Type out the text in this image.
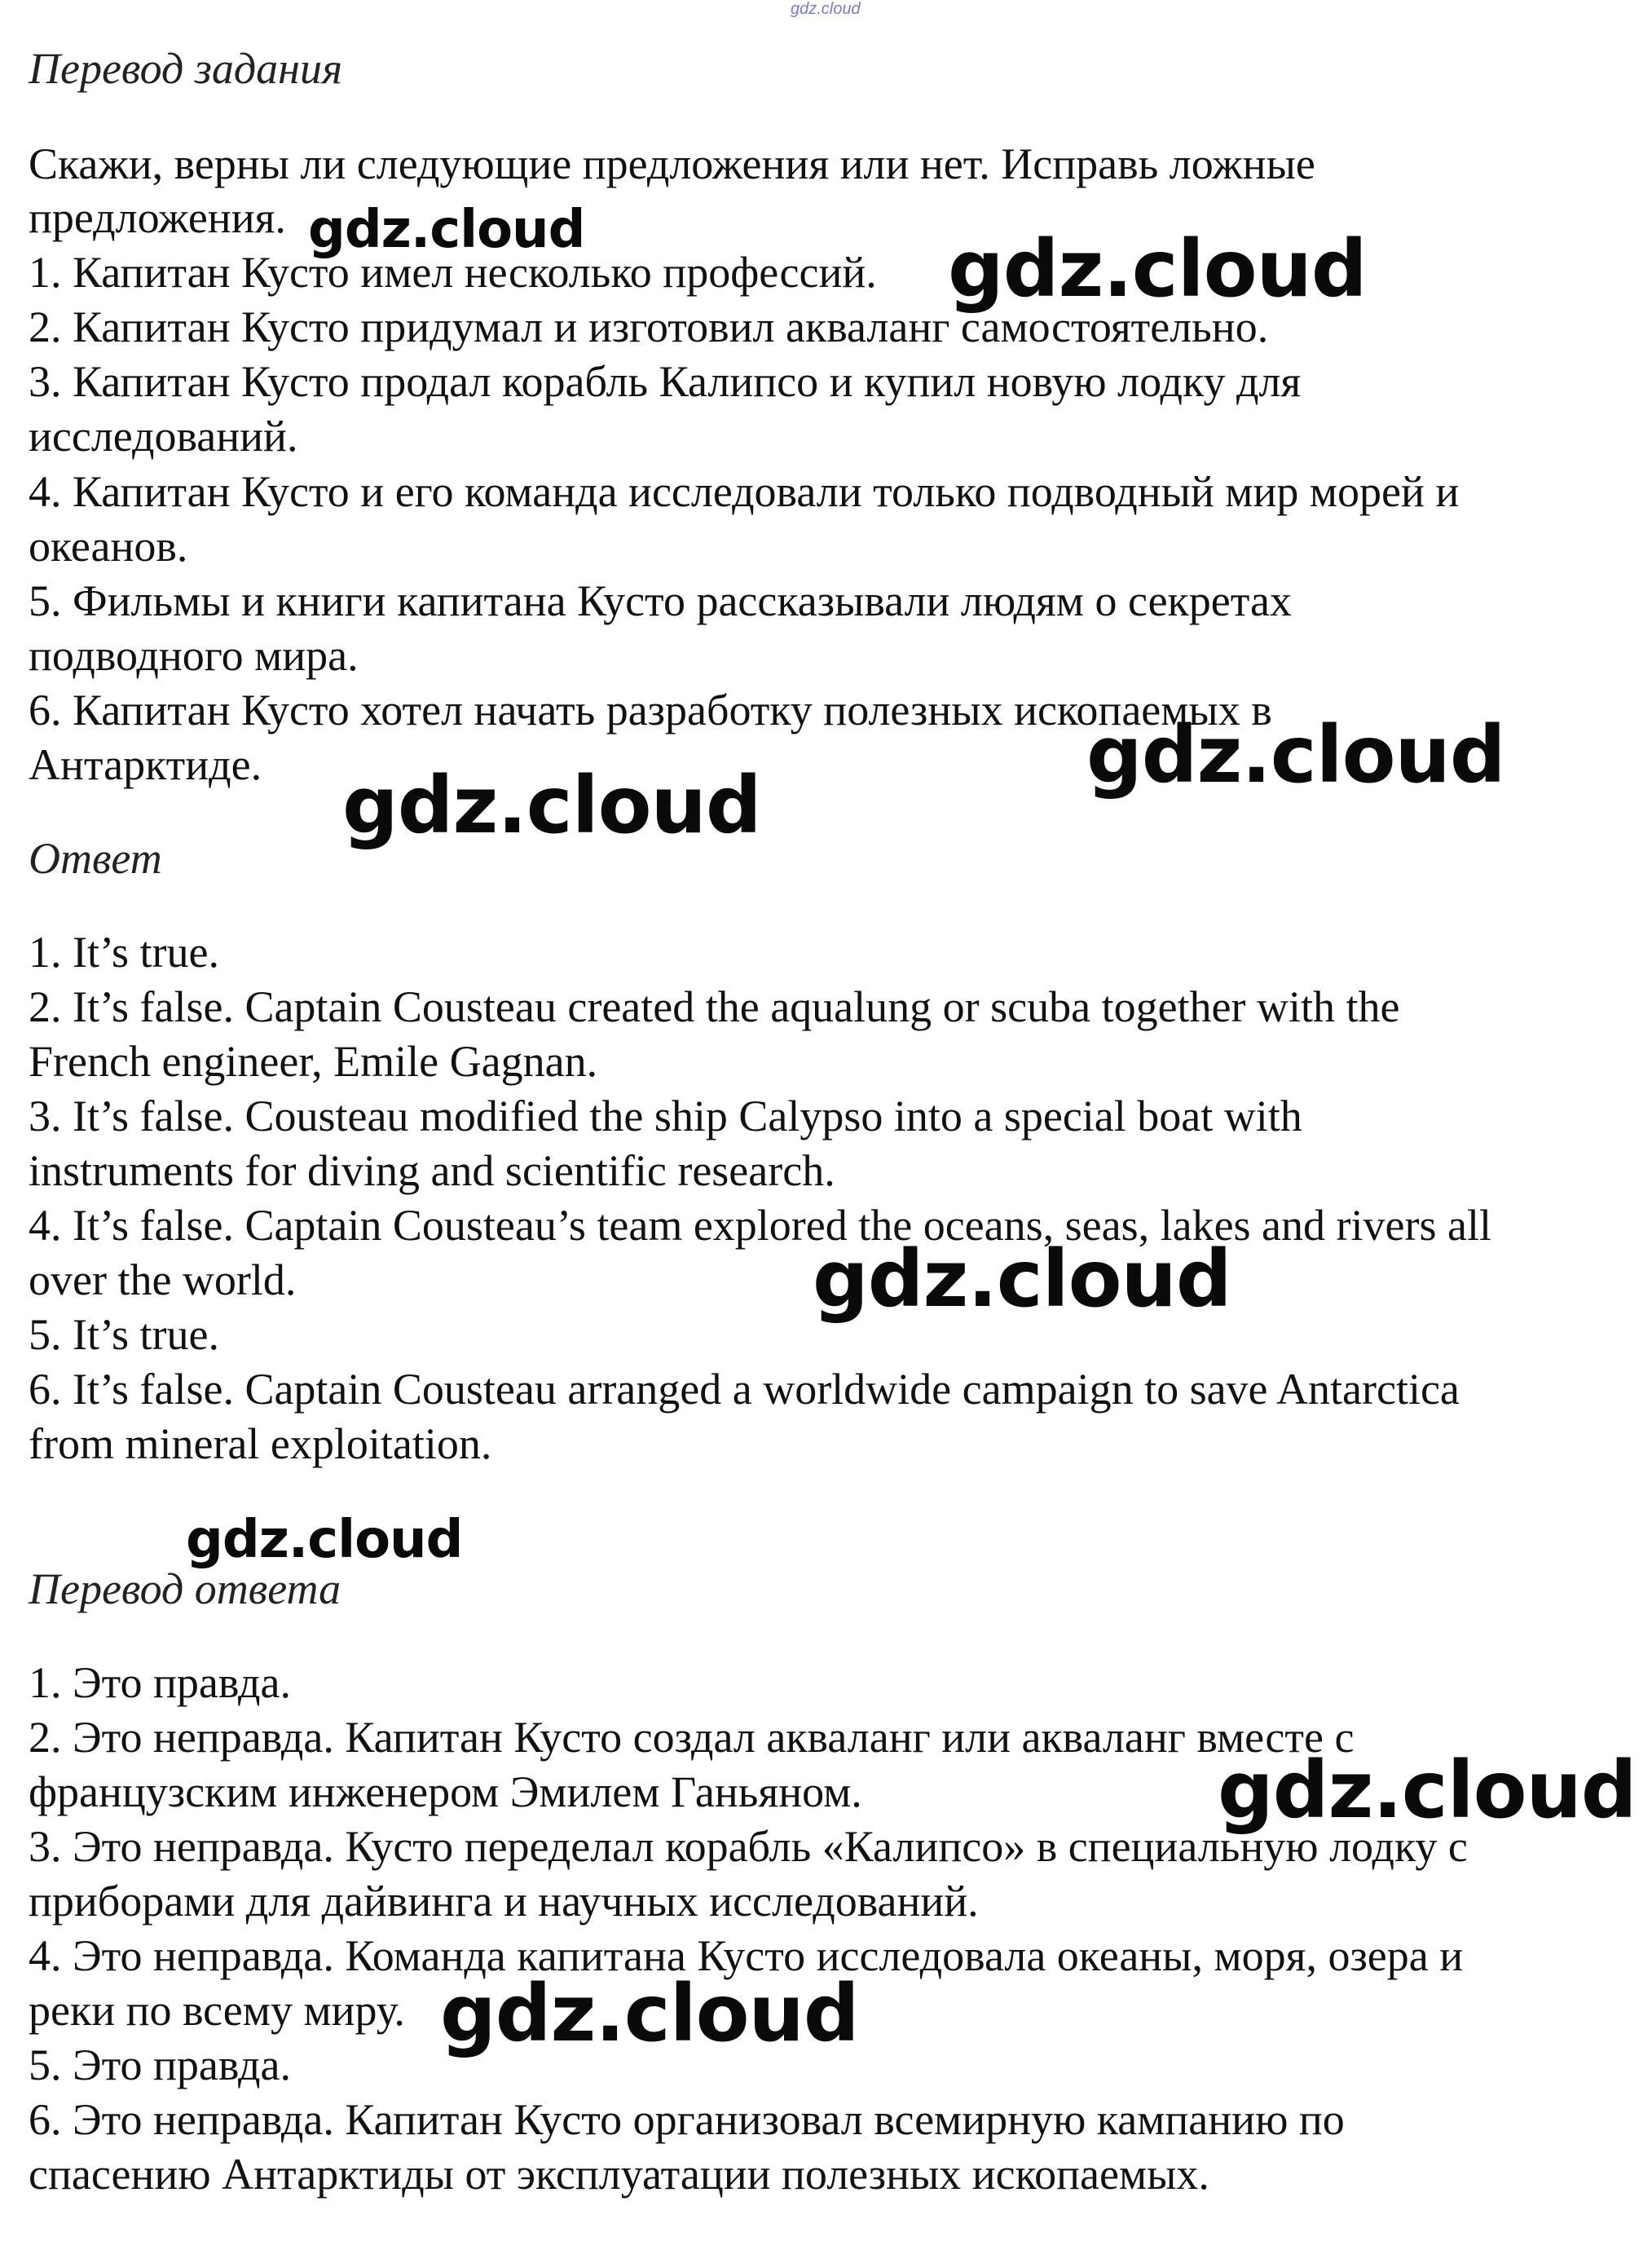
gdz.cloud
Перевод задания
Скажи, верны ли следующие предложения или нет. Исправь ложные
предложения.
1. Капитан Кусто имел несколько профессий.
2. Капитан Кусто придумал и изготовил акваланг самостоятельно.
3. Капитан Кусто продал корабль Калипсо и купил новую лодку для
исследований.
4. Капитан Кусто и его команда исследовали только подводный мир морей и
океанов.
5. Фильмы и книги капитана Кусто рассказывали людям о секретах
подводного мира.
6. Капитан Кусто хотел начать разработку полезных ископаемых в
Антарктиде.
Ответ
1. It’s true.
2. It’s false. Captain Cousteau created the aqualung or scuba together with the
French engineer, Emile Gagnan.
3. It’s false. Cousteau modified the ship Calypso into a special boat with
instruments for diving and scientific research.
4. It’s false. Captain Cousteau’s team explored the oceans, seas, lakes and rivers all
over the world.
5. It’s true.
6. It’s false. Captain Cousteau arranged a worldwide campaign to save Antarctica
from mineral exploitation.
Перевод ответа
1. Это правда.
2. Это неправда. Капитан Кусто создал акваланг или акваланг вместе с
французским инженером Эмилем Ганьяном.
3. Это неправда. Кусто переделал корабль «Калипсо» в специальную лодку с
приборами для дайвинга и научных исследований.
4. Это неправда. Команда капитана Кусто исследовала океаны, моря, озера и
реки по всему миру.
5. Это правда.
6. Это неправда. Капитан Кусто организовал всемирную кампанию по
спасению Антарктиды от эксплуатации полезных ископаемых.
gdz.cloud	gdz.cloud
gdz.cloud
gdz.cloud
gdz.cloud
gdz.cloud
gdz.cloud
gdz.cloud
